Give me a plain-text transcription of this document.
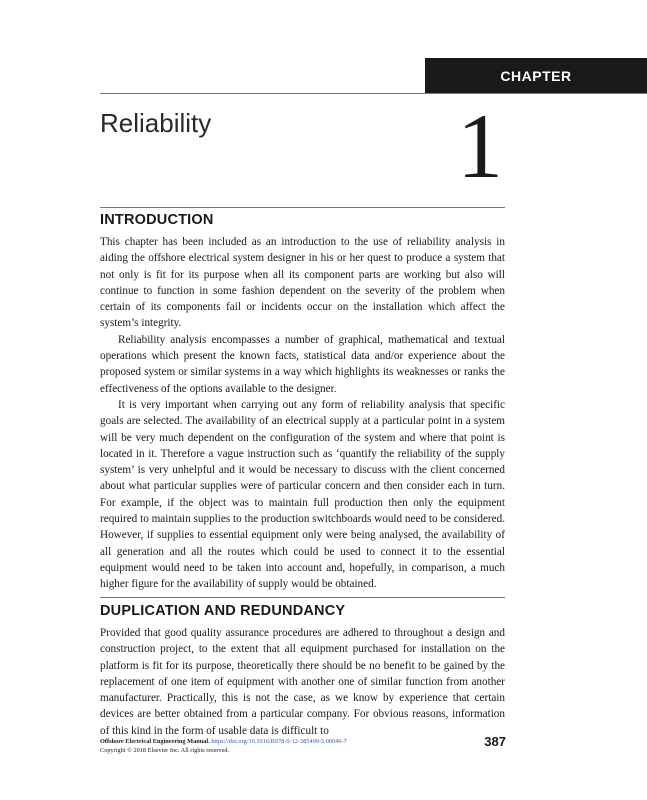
CHAPTER
Reliability	1
INTRODUCTION

This chapter has been included as an introduction to the use of reliability analysis in aiding the offshore electrical system designer in his or her quest to produce a system that not only is fit for its purpose when all its component parts are working but also will continue to function in some fashion dependent on the severity of the problem when certain of its components fail or incidents occur on the installation which affect the system’s integrity.

Reliability analysis encompasses a number of graphical, mathematical and textual operations which present the known facts, statistical data and/or experience about the proposed system or similar systems in a way which highlights its weaknesses or ranks the effectiveness of the options available to the designer.

It is very important when carrying out any form of reliability analysis that specific goals are selected. The availability of an electrical supply at a particular point in a system will be very much dependent on the configuration of the system and where that point is located in it. Therefore a vague instruction such as ‘quantify the reliability of the supply system’ is very unhelpful and it would be necessary to discuss with the client concerned about what particular supplies were of particular concern and then consider each in turn. For example, if the object was to maintain full production then only the equipment required to maintain supplies to the production switchboards would need to be considered. However, if supplies to essential equipment only were being analysed, the availability of all generation and all the routes which could be used to connect it to the essential equipment would need to be taken into account and, hopefully, in comparison, a much higher figure for the availability of supply would be obtained.

DUPLICATION AND REDUNDANCY

Provided that good quality assurance procedures are adhered to throughout a design and construction project, to the extent that all equipment purchased for installation on the platform is fit for its purpose, theoretically there should be no benefit to be gained by the replacement of one item of equipment with another one of similar function from another manufacturer. Practically, this is not the case, as we know by experience that certain devices are better obtained from a particular company. For obvious reasons, information of this kind in the form of usable data is difficult to

Offshore Electrical Engineering Manual. https://doi.org/10.1016/B978-0-12-385499-5.00046-7
Copyright © 2018 Elsevier Inc. All rights reserved.
387
